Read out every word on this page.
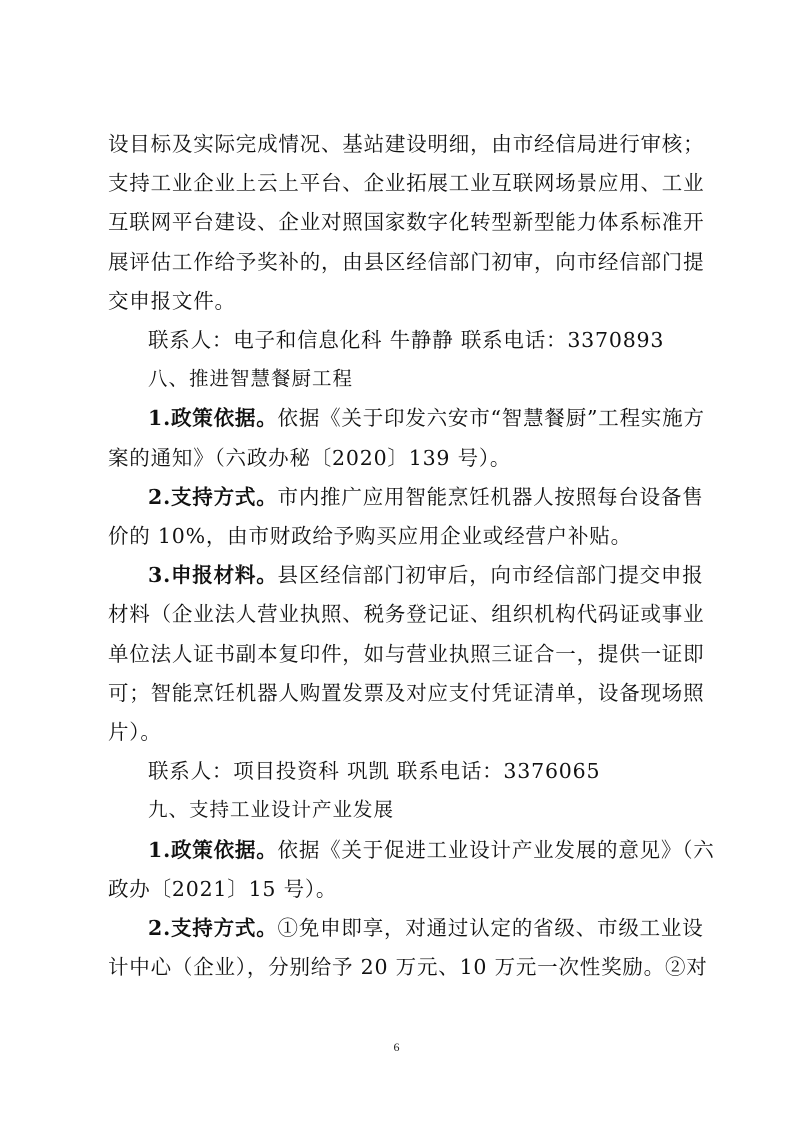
设目标及实际完成情况、基站建设明细，由市经信局进行审核；
支持工业企业上云上平台、企业拓展工业互联网场景应用、工业
互联网平台建设、企业对照国家数字化转型新型能力体系标准开
展评估工作给予奖补的，由县区经信部门初审，向市经信部门提
交申报文件。
联系人：电子和信息化科 牛静静 联系电话：3370893
八、推进智慧餐厨工程
1.政策依据。依据《关于印发六安市“智慧餐厨”工程实施方
案的通知》（六政办秘〔2020〕139 号）。
2.支持方式。市内推广应用智能烹饪机器人按照每台设备售
价的 10%，由市财政给予购买应用企业或经营户补贴。
3.申报材料。县区经信部门初审后，向市经信部门提交申报
材料（企业法人营业执照、税务登记证、组织机构代码证或事业
单位法人证书副本复印件，如与营业执照三证合一，提供一证即
可；智能烹饪机器人购置发票及对应支付凭证清单，设备现场照
片）。
联系人：项目投资科 巩凯 联系电话：3376065
九、支持工业设计产业发展
1.政策依据。依据《关于促进工业设计产业发展的意见》（六
政办〔2021〕15 号）。
2.支持方式。①免申即享，对通过认定的省级、市级工业设
计中心（企业），分别给予 20 万元、10 万元一次性奖励。②对
6
